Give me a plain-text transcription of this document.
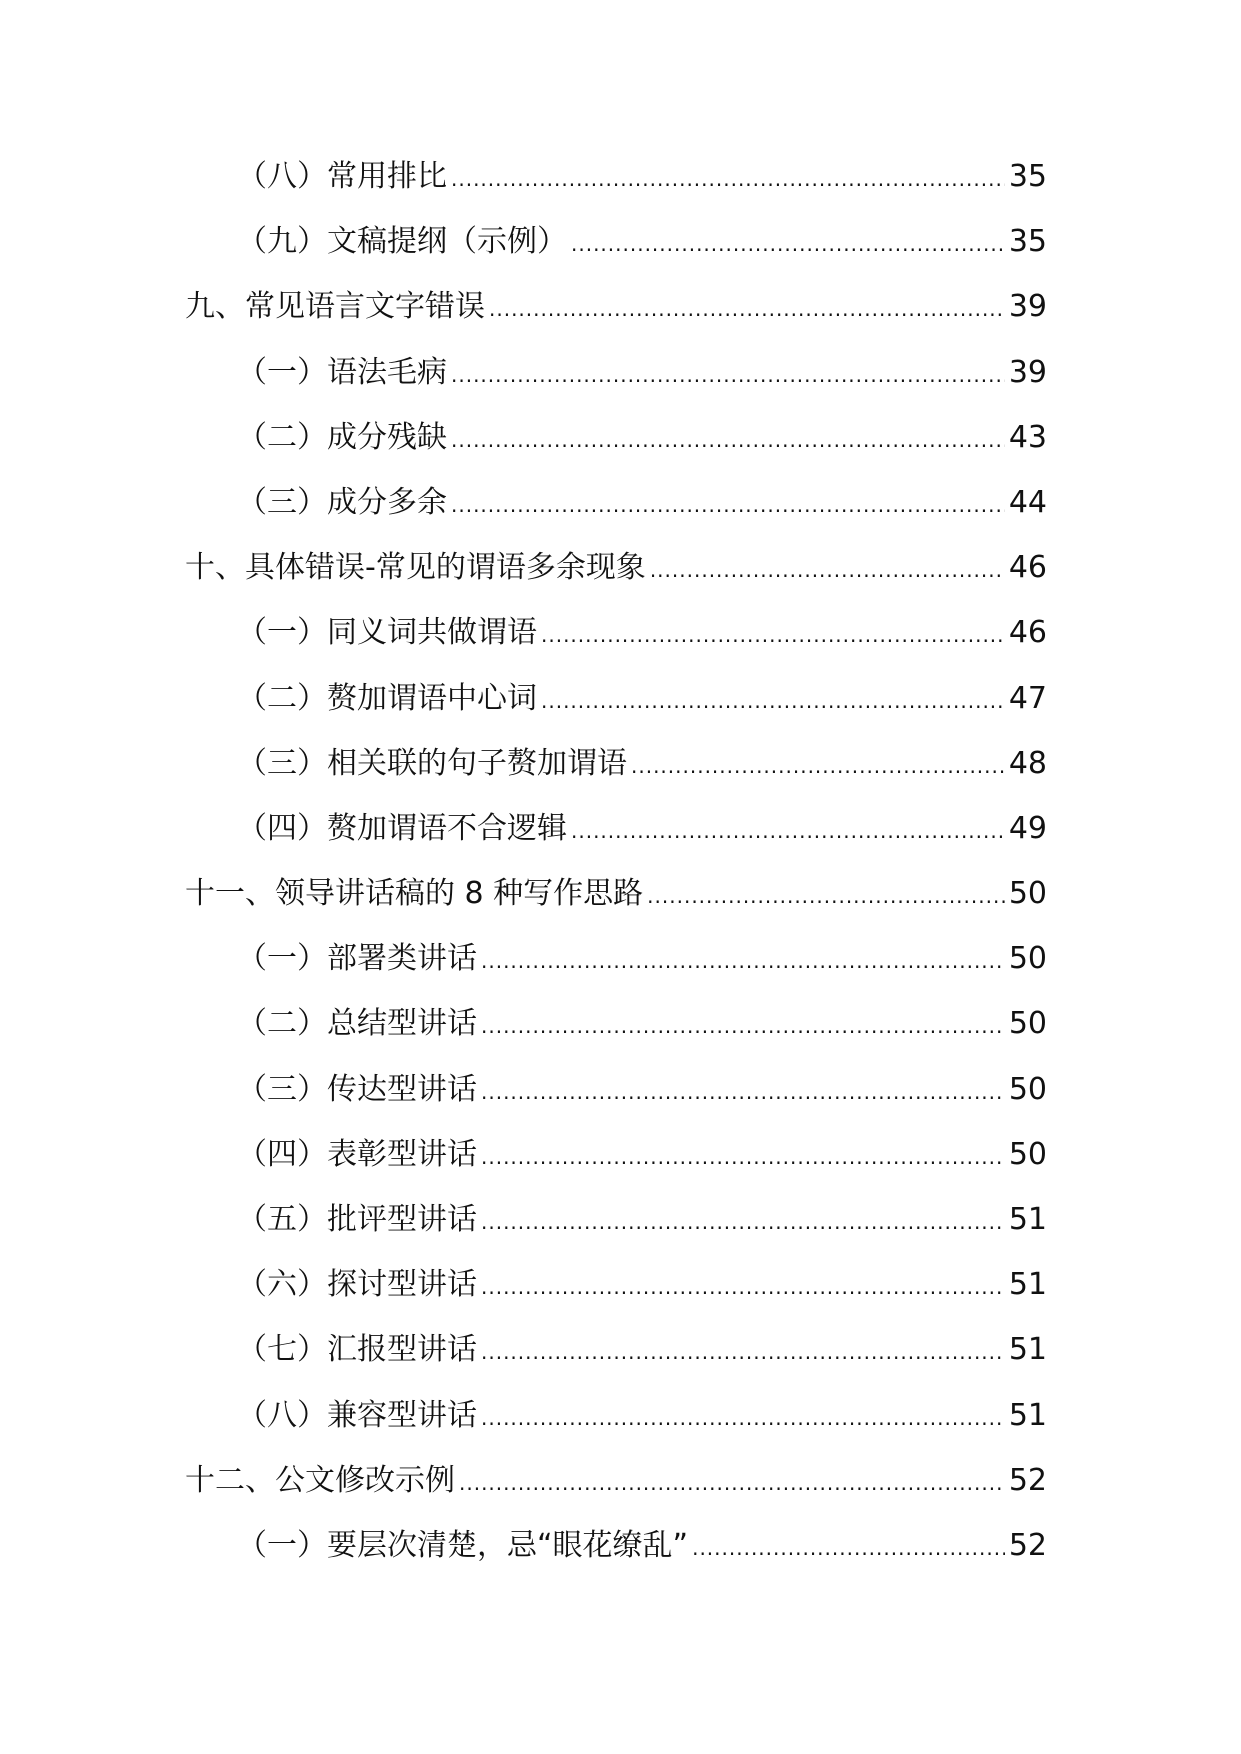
（八）常用排比 .....	35
（九）文稿提纲（示例） .....	35
九、常见语言文字错误 .....	39
（一）语法毛病 .....	39
（二）成分残缺 .....	43
（三）成分多余 .....	44
十、具体错误-常见的谓语多余现象 .....	46
（一）同义词共做谓语 .....	46
（二）赘加谓语中心词 .....	47
（三）相关联的句子赘加谓语 .....	48
（四）赘加谓语不合逻辑 .....	49
十一、领导讲话稿的 8 种写作思路 .....	50
（一）部署类讲话 .....	50
（二）总结型讲话 .....	50
（三）传达型讲话 .....	50
（四）表彰型讲话 .....	50
（五）批评型讲话 .....	51
（六）探讨型讲话 .....	51
（七）汇报型讲话 .....	51
（八）兼容型讲话 .....	51
十二、公文修改示例 .....	52
（一）要层次清楚，忌“眼花缭乱” .....	52
